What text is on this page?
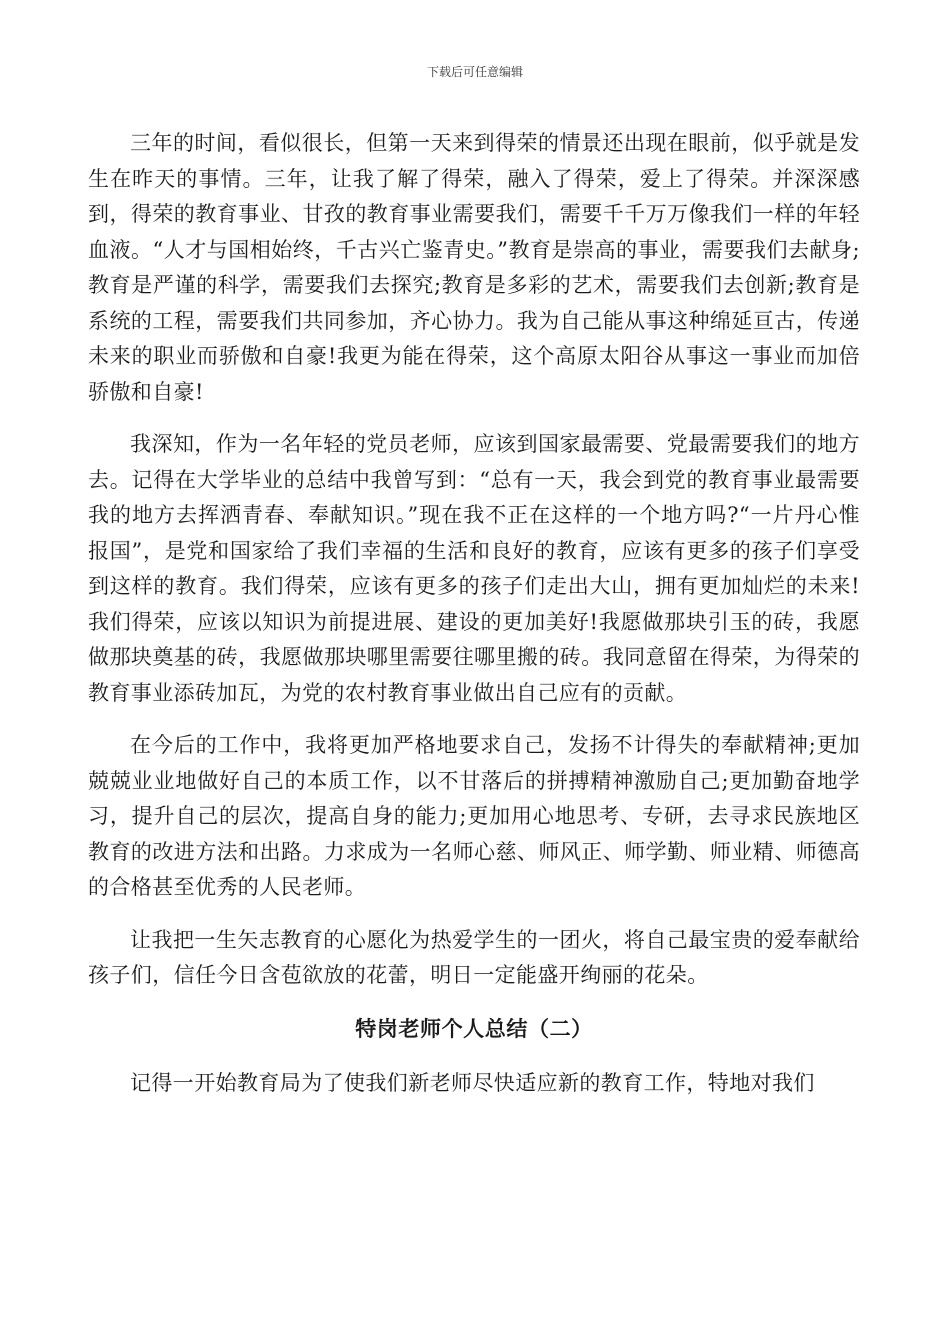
下载后可任意编辑

三年的时间，看似很长，但第一天来到得荣的情景还出现在眼前，似乎就是发生在昨天的事情。三年，让我了解了得荣，融入了得荣，爱上了得荣。并深深感到，得荣的教育事业、甘孜的教育事业需要我们，需要千千万万像我们一样的年轻血液。“人才与国相始终，千古兴亡鉴青史。”教育是崇高的事业，需要我们去献身;教育是严谨的科学，需要我们去探究;教育是多彩的艺术，需要我们去创新;教育是系统的工程，需要我们共同参加，齐心协力。我为自己能从事这种绵延亘古，传递未来的职业而骄傲和自豪!我更为能在得荣，这个高原太阳谷从事这一事业而加倍骄傲和自豪!

我深知，作为一名年轻的党员老师，应该到国家最需要、党最需要我们的地方去。记得在大学毕业的总结中我曾写到：“总有一天，我会到党的教育事业最需要我的地方去挥洒青春、奉献知识。”现在我不正在这样的一个地方吗?“一片丹心惟报国”，是党和国家给了我们幸福的生活和良好的教育，应该有更多的孩子们享受到这样的教育。我们得荣，应该有更多的孩子们走出大山，拥有更加灿烂的未来!我们得荣，应该以知识为前提进展、建设的更加美好!我愿做那块引玉的砖，我愿做那块奠基的砖，我愿做那块哪里需要往哪里搬的砖。我同意留在得荣，为得荣的教育事业添砖加瓦，为党的农村教育事业做出自己应有的贡献。

在今后的工作中，我将更加严格地要求自己，发扬不计得失的奉献精神;更加兢兢业业地做好自己的本质工作，以不甘落后的拼搏精神激励自己;更加勤奋地学习，提升自己的层次，提高自身的能力;更加用心地思考、专研，去寻求民族地区教育的改进方法和出路。力求成为一名师心慈、师风正、师学勤、师业精、师德高的合格甚至优秀的人民老师。

让我把一生矢志教育的心愿化为热爱学生的一团火，将自己最宝贵的爱奉献给孩子们，信任今日含苞欲放的花蕾，明日一定能盛开绚丽的花朵。

特岗老师个人总结（二）

记得一开始教育局为了使我们新老师尽快适应新的教育工作，特地对我们
